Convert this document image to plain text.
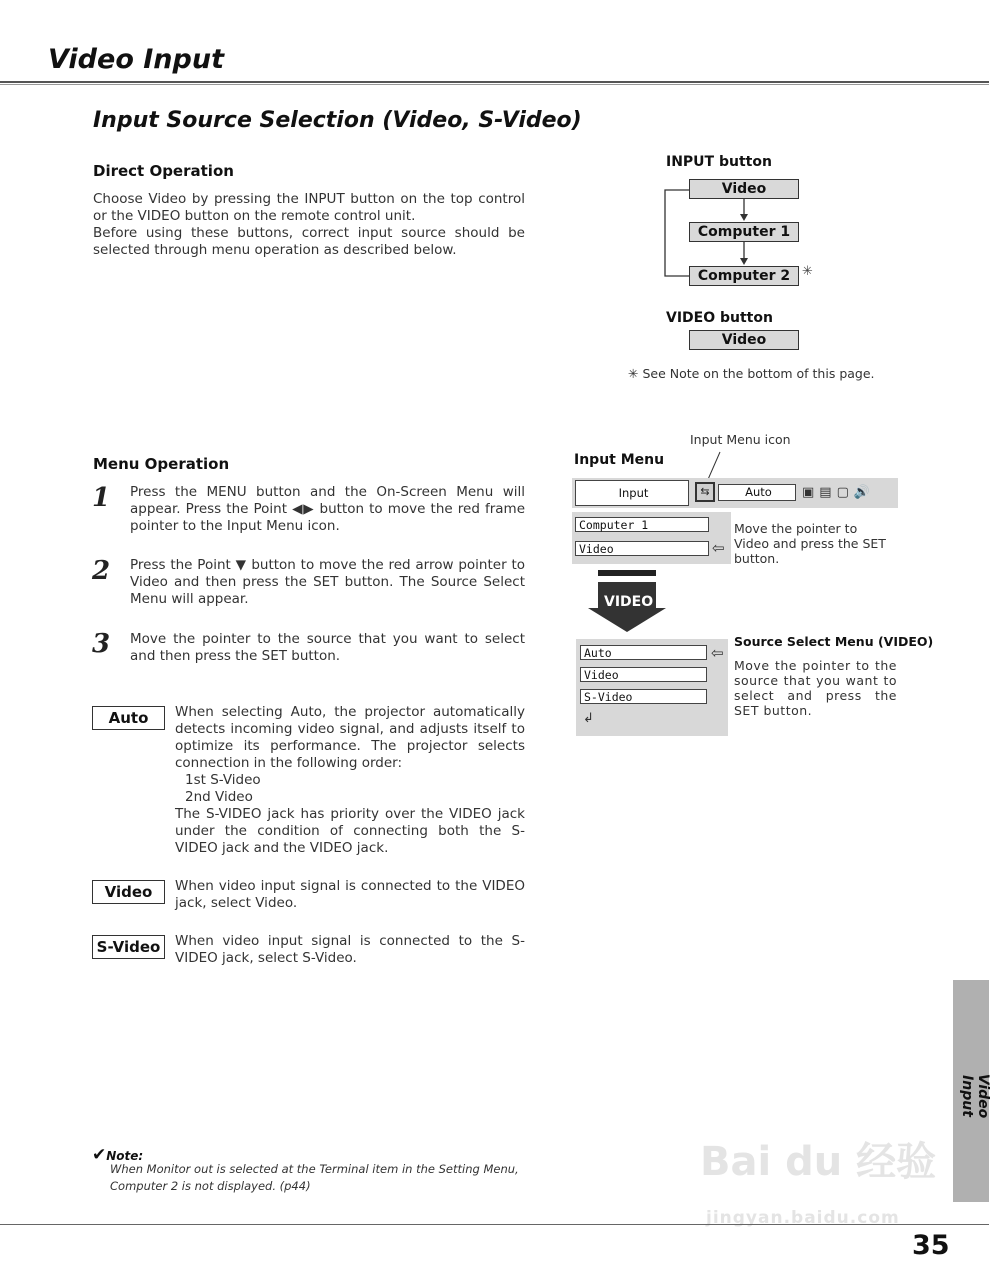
Video Input
Input Source Selection (Video, S-Video)
Direct Operation
Choose Video by pressing the INPUT button on the top control or the VIDEO button on the remote control unit.
Before using these buttons, correct input source should be selected through menu operation as described below.
INPUT button
Video
Computer 1
Computer 2 ✳
VIDEO button
Video
✳ See Note on the bottom of this page.
Menu Operation
1 Press the MENU button and the On-Screen Menu will appear. Press the Point ◀▶ button to move the red frame pointer to the Input Menu icon.
2 Press the Point ▼ button to move the red arrow pointer to Video and then press the SET button. The Source Select Menu will appear.
3 Move the pointer to the source that you want to select and then press the SET button.
Auto	When selecting Auto, the projector automatically detects incoming video signal, and adjusts itself to optimize its performance. The projector selects connection in the following order:
1st S-Video
2nd Video
The S-VIDEO jack has priority over the VIDEO jack under the condition of connecting both the S-VIDEO jack and the VIDEO jack.
Video	When video input signal is connected to the VIDEO jack, select Video.
S-Video	When video input signal is connected to the S-VIDEO jack, select S-Video.
Input Menu icon
Input Menu
Input	⇆	Auto	▣▤▢🔊
Computer 1
Video	⇦
Move the pointer to Video and press the SET button.
VIDEO
Source Select Menu (VIDEO)
Auto
Video
S-Video
⇦
↲
Move the pointer to the source that you want to select and press the SET button.
✔Note:
When Monitor out is selected at the Terminal item in the Setting Menu, Computer 2 is not displayed. (p44)
Bai du 经验
jingyan.baidu.com
Video Input
35
